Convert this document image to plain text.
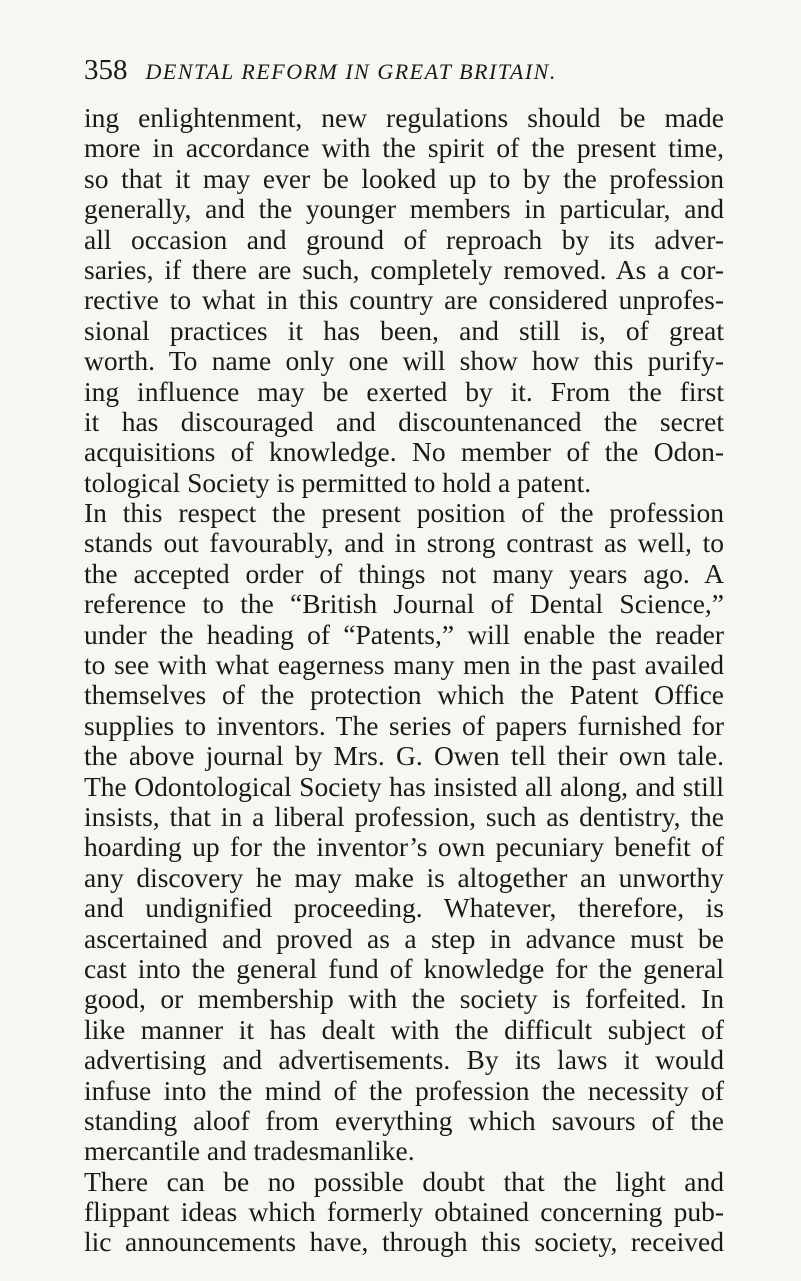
358 DENTAL REFORM IN GREAT BRITAIN.
ing enlightenment, new regulations should be made
more in accordance with the spirit of the present time,
so that it may ever be looked up to by the profession
generally, and the younger members in particular, and
all occasion and ground of reproach by its adver-
saries, if there are such, completely removed. As a cor-
rective to what in this country are considered unprofes-
sional practices it has been, and still is, of great
worth. To name only one will show how this purify-
ing influence may be exerted by it. From the first
it has discouraged and discountenanced the secret
acquisitions of knowledge. No member of the Odon-
tological Society is permitted to hold a patent.
In this respect the present position of the profession
stands out favourably, and in strong contrast as well, to
the accepted order of things not many years ago. A
reference to the “British Journal of Dental Science,”
under the heading of “Patents,” will enable the reader
to see with what eagerness many men in the past availed
themselves of the protection which the Patent Office
supplies to inventors. The series of papers furnished for
the above journal by Mrs. G. Owen tell their own tale.
The Odontological Society has insisted all along, and still
insists, that in a liberal profession, such as dentistry, the
hoarding up for the inventor’s own pecuniary benefit of
any discovery he may make is altogether an unworthy
and undignified proceeding. Whatever, therefore, is
ascertained and proved as a step in advance must be
cast into the general fund of knowledge for the general
good, or membership with the society is forfeited. In
like manner it has dealt with the difficult subject of
advertising and advertisements. By its laws it would
infuse into the mind of the profession the necessity of
standing aloof from everything which savours of the
mercantile and tradesmanlike.
There can be no possible doubt that the light and
flippant ideas which formerly obtained concerning pub-
lic announcements have, through this society, received
